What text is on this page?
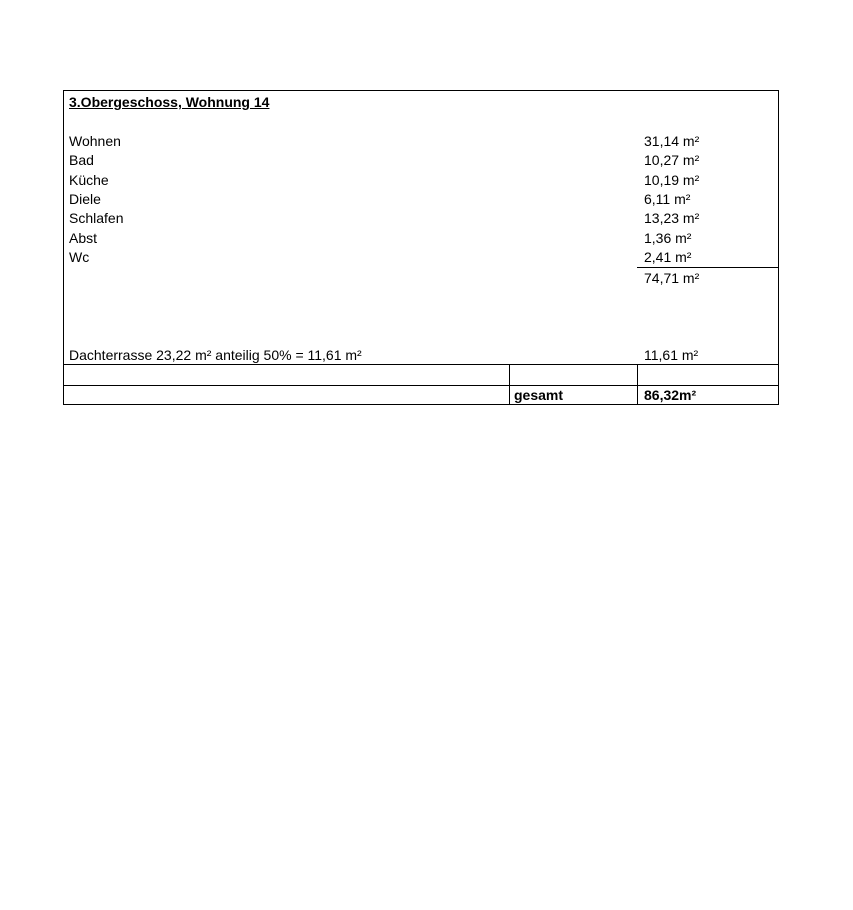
3.Obergeschoss, Wohnung 14
Wohnen	31,14 m²
Bad	10,27 m²
Küche	10,19 m²
Diele	6,11 m²
Schlafen	13,23 m²
Abst	1,36 m²
Wc	2,41 m²
74,71 m²
Dachterrasse 23,22 m² anteilig 50% = 11,61 m²	11,61 m²
gesamt	86,32m²
